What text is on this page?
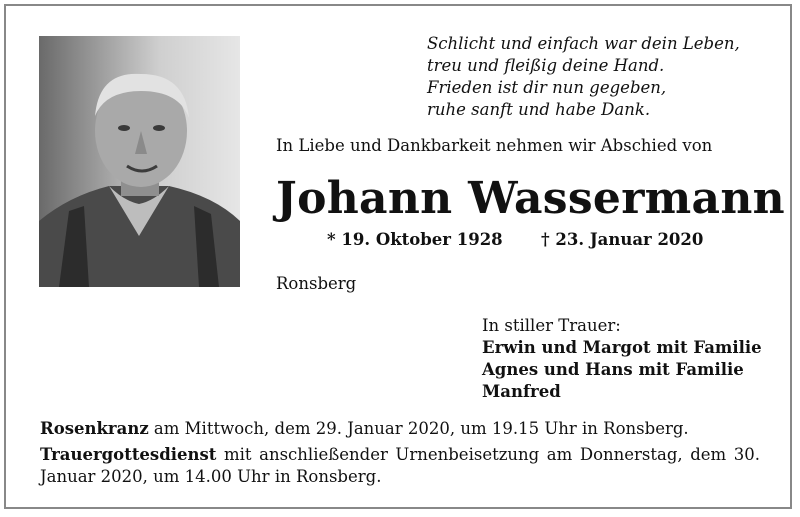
Schlicht und einfach war dein Leben,
treu und fleißig deine Hand.
Frieden ist dir nun gegeben,
ruhe sanft und habe Dank.
In Liebe und Dankbarkeit nehmen wir Abschied von
Johann Wassermann
* 19. Oktober 1928 † 23. Januar 2020
Ronsberg
In stiller Trauer:
Erwin und Margot mit Familie
Agnes und Hans mit Familie
Manfred

Rosenkranz am Mittwoch, dem 29. Januar 2020, um 19.15 Uhr in Ronsberg.

Trauergottesdienst mit anschließender Urnenbeisetzung am Donnerstag, dem 30. Januar 2020, um 14.00 Uhr in Ronsberg.
